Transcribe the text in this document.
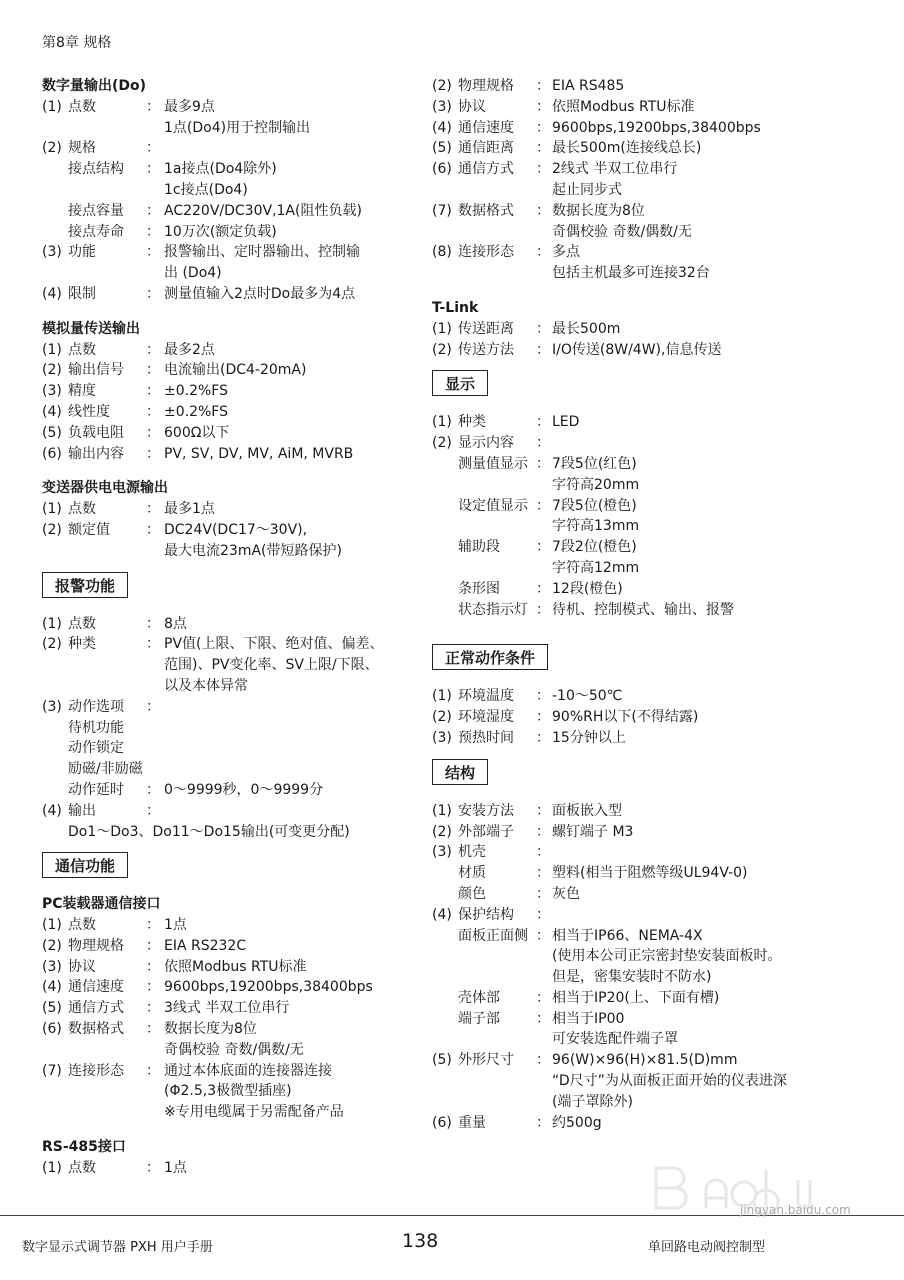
第8章 规格
数字量输出(Do)
(1) 点数	： 最多9点
1点(Do4)用于控制输出
(2) 规格	：
接点结构 ： 1a接点(Do4除外)
1c接点(Do4)
接点容量 ： AC220V/DC30V,1A(阻性负载)
接点寿命 ： 10万次(额定负载)
(3) 功能	： 报警输出、定时器输出、控制输
出 (Do4)
(4) 限制	： 测量值输入2点时Do最多为4点
模拟量传送输出
(1) 点数	： 最多2点
(2) 输出信号 ： 电流输出(DC4-20mA)
(3) 精度	： ±0.2%FS
(4) 线性度	： ±0.2%FS
(5) 负载电阻 ： 600Ω以下
(6) 输出内容 ： PV, SV, DV, MV, AiM, MVRB
变送器供电电源输出
(1) 点数	： 最多1点
(2) 额定值	： DC24V(DC17～30V),
最大电流23mA(带短路保护)
报警功能
(1) 点数	： 8点
(2) 种类	： PV值(上限、下限、绝对值、偏差、
范围)、PV变化率、SV上限/下限、
以及本体异常
(3) 动作选项 ：
待机功能
动作锁定
励磁/非励磁
动作延时 ： 0～9999秒，0～9999分
(4) 输出	：
Do1～Do3、Do11～Do15输出(可变更分配)
通信功能
PC装载器通信接口
(1) 点数	： 1点
(2) 物理规格 ： EIA RS232C
(3) 协议	： 依照Modbus RTU标准
(4) 通信速度 ： 9600bps,19200bps,38400bps
(5) 通信方式 ： 3线式 半双工位串行
(6) 数据格式 ： 数据长度为8位
奇偶校验 奇数/偶数/无
(7) 连接形态 ： 通过本体底面的连接器连接
(Φ2.5,3极微型插座)
※专用电缆属于另需配备产品
RS-485接口
(1) 点数	： 1点
(2) 物理规格 ： EIA RS485
(3) 协议	： 依照Modbus RTU标准
(4) 通信速度 ： 9600bps,19200bps,38400bps
(5) 通信距离 ： 最长500m(连接线总长)
(6) 通信方式 ： 2线式 半双工位串行
起止同步式
(7) 数据格式 ： 数据长度为8位
奇偶校验 奇数/偶数/无
(8) 连接形态 ： 多点
包括主机最多可连接32台
T-Link
(1) 传送距离 ： 最长500m
(2) 传送方法 ： I/O传送(8W/4W),信息传送
显示
(1) 种类	： LED
(2) 显示内容 ：
测量值显示 ： 7段5位(红色)
字符高20mm
设定值显示 ： 7段5位(橙色)
字符高13mm
辅助段	： 7段2位(橙色)
字符高12mm
条形图	： 12段(橙色)
状态指示灯 ： 待机、控制模式、输出、报警
正常动作条件
(1) 环境温度 ： -10～50℃
(2) 环境湿度 ： 90%RH以下(不得结露)
(3) 预热时间 ： 15分钟以上
结构
(1) 安装方法 ： 面板嵌入型
(2) 外部端子 ： 螺钉端子 M3
(3) 机壳	：
材质	： 塑料(相当于阻燃等级UL94V-0)
颜色	： 灰色
(4) 保护结构 ：
面板正面侧 ： 相当于IP66、NEMA-4X
(使用本公司正宗密封垫安装面板时。
但是，密集安装时不防水)
壳体部	： 相当于IP20(上、下面有槽)
端子部	： 相当于IP00
可安装选配件端子罩
(5) 外形尺寸 ： 96(W)×96(H)×81.5(D)mm
“D尺寸”为从面板正面开始的仪表进深
(端子罩除外)
(6) 重量	： 约500g
数字显示式调节器 PXH 用户手册	138	单回路电动阀控制型
jingyan.baidu.com
